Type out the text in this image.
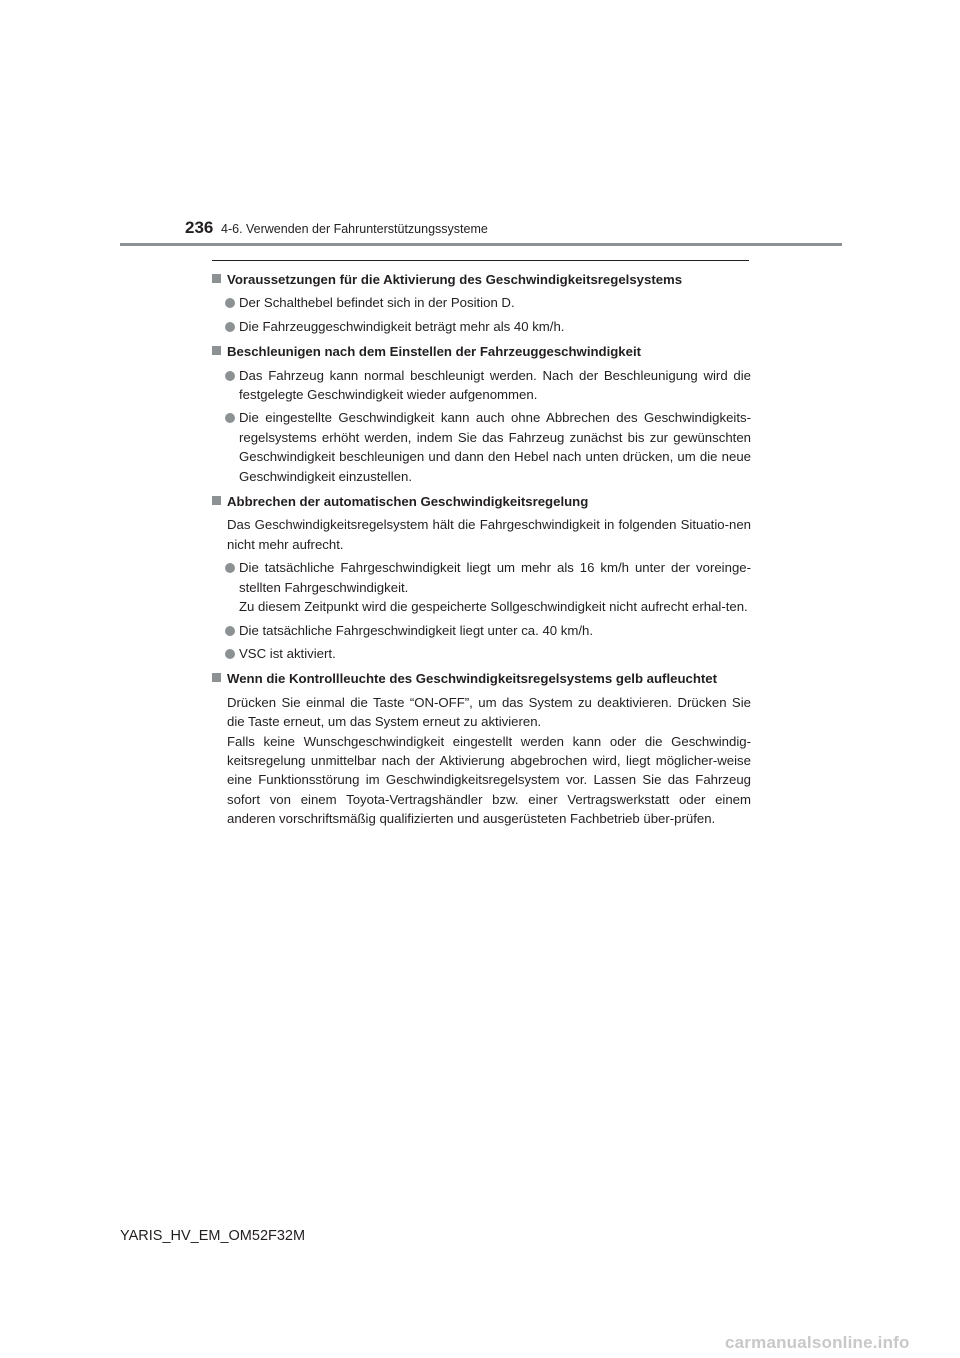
236 4-6. Verwenden der Fahrunterstützungssysteme
Voraussetzungen für die Aktivierung des Geschwindigkeitsregelsystems
Der Schalthebel befindet sich in der Position D.
Die Fahrzeuggeschwindigkeit beträgt mehr als 40 km/h.
Beschleunigen nach dem Einstellen der Fahrzeuggeschwindigkeit
Das Fahrzeug kann normal beschleunigt werden. Nach der Beschleunigung wird die festgelegte Geschwindigkeit wieder aufgenommen.
Die eingestellte Geschwindigkeit kann auch ohne Abbrechen des Geschwindigkeits-regelsystems erhöht werden, indem Sie das Fahrzeug zunächst bis zur gewünschten Geschwindigkeit beschleunigen und dann den Hebel nach unten drücken, um die neue Geschwindigkeit einzustellen.
Abbrechen der automatischen Geschwindigkeitsregelung
Das Geschwindigkeitsregelsystem hält die Fahrgeschwindigkeit in folgenden Situatio-nen nicht mehr aufrecht.
Die tatsächliche Fahrgeschwindigkeit liegt um mehr als 16 km/h unter der voreinge-stellten Fahrgeschwindigkeit.
Zu diesem Zeitpunkt wird die gespeicherte Sollgeschwindigkeit nicht aufrecht erhal-ten.
Die tatsächliche Fahrgeschwindigkeit liegt unter ca. 40 km/h.
VSC ist aktiviert.
Wenn die Kontrollleuchte des Geschwindigkeitsregelsystems gelb aufleuchtet
Drücken Sie einmal die Taste “ON-OFF”, um das System zu deaktivieren. Drücken Sie die Taste erneut, um das System erneut zu aktivieren.
Falls keine Wunschgeschwindigkeit eingestellt werden kann oder die Geschwindig-keitsregelung unmittelbar nach der Aktivierung abgebrochen wird, liegt möglicher-weise eine Funktionsstörung im Geschwindigkeitsregelsystem vor. Lassen Sie das Fahrzeug sofort von einem Toyota-Vertragshändler bzw. einer Vertragswerkstatt oder einem anderen vorschriftsmäßig qualifizierten und ausgerüsteten Fachbetrieb über-prüfen.
YARIS_HV_EM_OM52F32M
carmanualsonline.info
